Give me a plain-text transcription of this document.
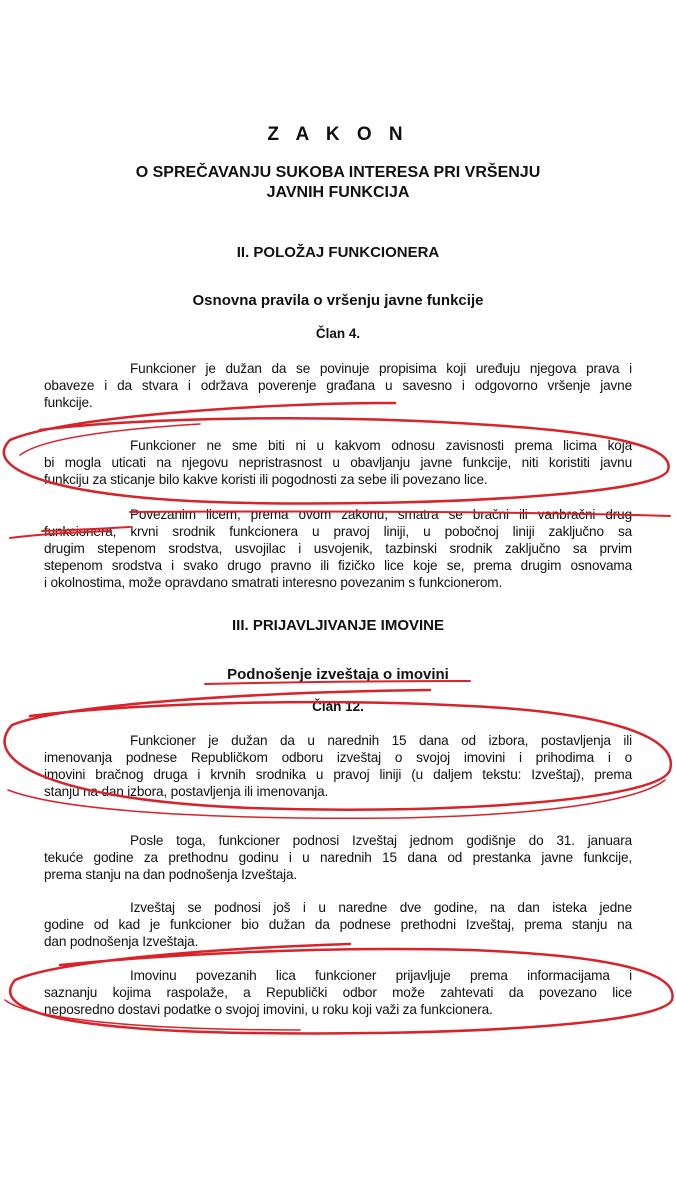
Z A K O N
O SPREČAVANJU SUKOBA INTERESA PRI VRŠENJU
JAVNIH FUNKCIJA
II. POLOŽAJ FUNKCIONERA
Osnovna pravila o vršenju javne funkcije
Član 4.
III. PRIJAVLJIVANJE IMOVINE
Podnošenje izveštaja o imovini
Član 12.
Funkcioner je dužan da se povinuje propisima koji uređuju njegova prava i
obaveze i da stvara i održava poverenje građana u savesno i odgovorno vršenje javne
funkcije.
Funkcioner ne sme biti ni u kakvom odnosu zavisnosti prema licima koja
bi mogla uticati na njegovu nepristrasnost u obavljanju javne funkcije, niti koristiti javnu
funkciju za sticanje bilo kakve koristi ili pogodnosti za sebe ili povezano lice.
Povezanim licem, prema ovom zakonu, smatra se bračni ili vanbračni drug
funkcionera, krvni srodnik funkcionera u pravoj liniji, u pobočnoj liniji zaključno sa
drugim stepenom srodstva, usvojilac i usvojenik, tazbinski srodnik zaključno sa prvim
stepenom srodstva i svako drugo pravno ili fizičko lice koje se, prema drugim osnovama
i okolnostima, može opravdano smatrati interesno povezanim s funkcionerom.
Funkcioner je dužan da u narednih 15 dana od izbora, postavljenja ili
imenovanja podnese Republičkom odboru izveštaj o svojoj imovini i prihodima i o
imovini bračnog druga i krvnih srodnika u pravoj liniji (u daljem tekstu: Izveštaj), prema
stanju na dan izbora, postavljenja ili imenovanja.
Posle toga, funkcioner podnosi Izveštaj jednom godišnje do 31. januara
tekuće godine za prethodnu godinu i u narednih 15 dana od prestanka javne funkcije,
prema stanju na dan podnošenja Izveštaja.
Izveštaj se podnosi još i u naredne dve godine, na dan isteka jedne
godine od kad je funkcioner bio dužan da podnese prethodni Izveštaj, prema stanju na
dan podnošenja Izveštaja.
Imovinu povezanih lica funkcioner prijavljuje prema informacijama i
saznanju kojima raspolaže, a Republički odbor može zahtevati da povezano lice
neposredno dostavi podatke o svojoj imovini, u roku koji važi za funkcionera.
